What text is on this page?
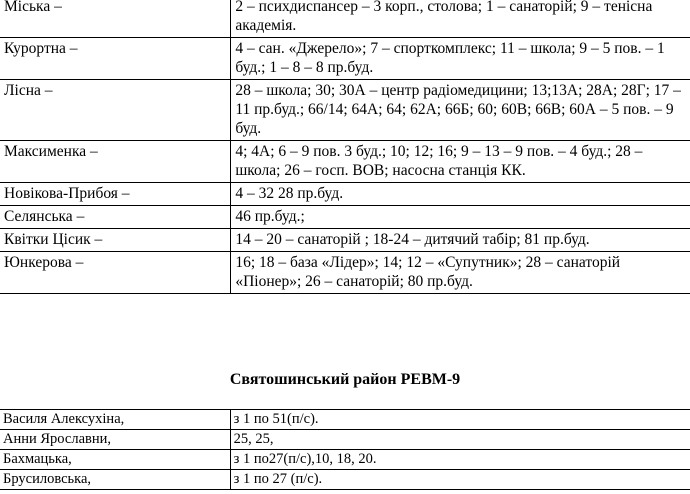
Міська –	2 – психдиспансер – 3 корп., столова; 1 – санаторій; 9 – тенісна академія.
Курортна –	4 – сан. «Джерело»; 7 – спорткомплекс; 11 – школа; 9 – 5 пов. – 1 буд.; 1 – 8 – 8 пр.буд.
Лісна –	28 – школа; 30; 30А – центр радіомедицини; 13;13А; 28А; 28Г; 17 – 11 пр.буд.; 66/14; 64А; 64; 62А; 66Б; 60; 60В; 66В; 60А – 5 пов. – 9 буд.
Максименка –	4; 4А; 6 – 9 пов. 3 буд.; 10; 12; 16; 9 – 13 – 9 пов. – 4 буд.; 28 – школа; 26 – госп. ВОВ; насосна станція КК.
Новікова-Прибоя –	4 – 32 28 пр.буд.
Селянська –	46 пр.буд.;
Квітки Цісик –	14 – 20 – санаторій ; 18-24 – дитячий табір; 81 пр.буд.
Юнкерова –	16; 18 – база «Лідер»; 14; 12 – «Супутник»; 28 – санаторій «Піонер»; 26 – санаторій; 80 пр.буд.
Святошинський район РЕВМ-9
Василя Алексухіна,	з 1 по 51(п/с).
Анни Ярославни,	25, 25,
Бахмацька,	з 1 по27(п/с),10, 18, 20.
Брусиловська,	з 1 по 27 (п/с).
